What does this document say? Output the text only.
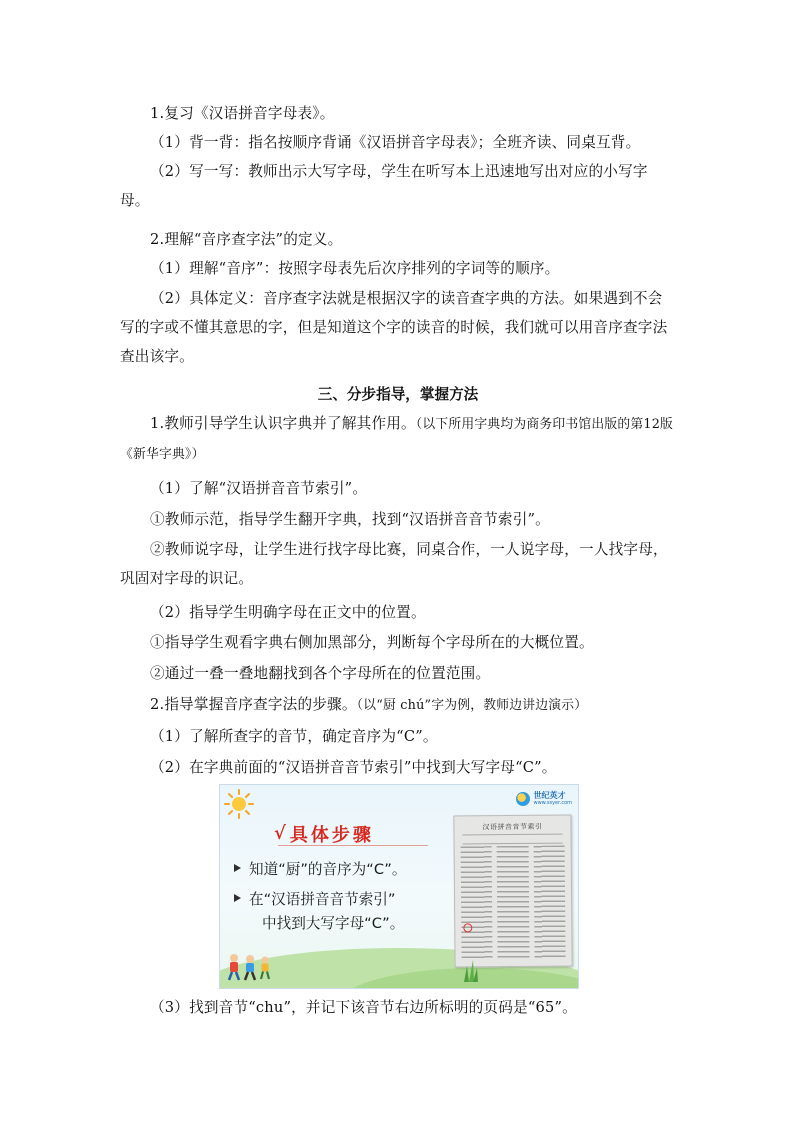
1.复习《汉语拼音字母表》。

（1）背一背：指名按顺序背诵《汉语拼音字母表》；全班齐读、同桌互背。

（2）写一写：教师出示大写字母，学生在听写本上迅速地写出对应的小写字母。

2.理解“音序查字法”的定义。

（1）理解“音序”：按照字母表先后次序排列的字词等的顺序。

（2）具体定义：音序查字法就是根据汉字的读音查字典的方法。如果遇到不会写的字或不懂其意思的字，但是知道这个字的读音的时候，我们就可以用音序查字法查出该字。

三、分步指导，掌握方法

1.教师引导学生认识字典并了解其作用。（以下所用字典均为商务印书馆出版的第12版《新华字典》）

（1）了解“汉语拼音音节索引”。

①教师示范，指导学生翻开字典，找到“汉语拼音音节索引”。

②教师说字母，让学生进行找字母比赛，同桌合作，一人说字母，一人找字母，巩固对字母的识记。

（2）指导学生明确字母在正文中的位置。

①指导学生观看字典右侧加黑部分，判断每个字母所在的大概位置。

②通过一叠一叠地翻找到各个字母所在的位置范围。

2.指导掌握音序查字法的步骤。（以“厨 chú”字为例，教师边讲边演示）

（1）了解所查字的音节，确定音序为“C”。

（2）在字典前面的“汉语拼音音节索引”中找到大写字母“C”。

世纪英才
www.ssyer.com
√ 具体步骤
知道“厨”的音序为“C”。
在“汉语拼音音节索引”
中找到大写字母“C”。
汉语拼音音节索引

（3）找到音节“chu”，并记下该音节右边所标明的页码是“65”。
